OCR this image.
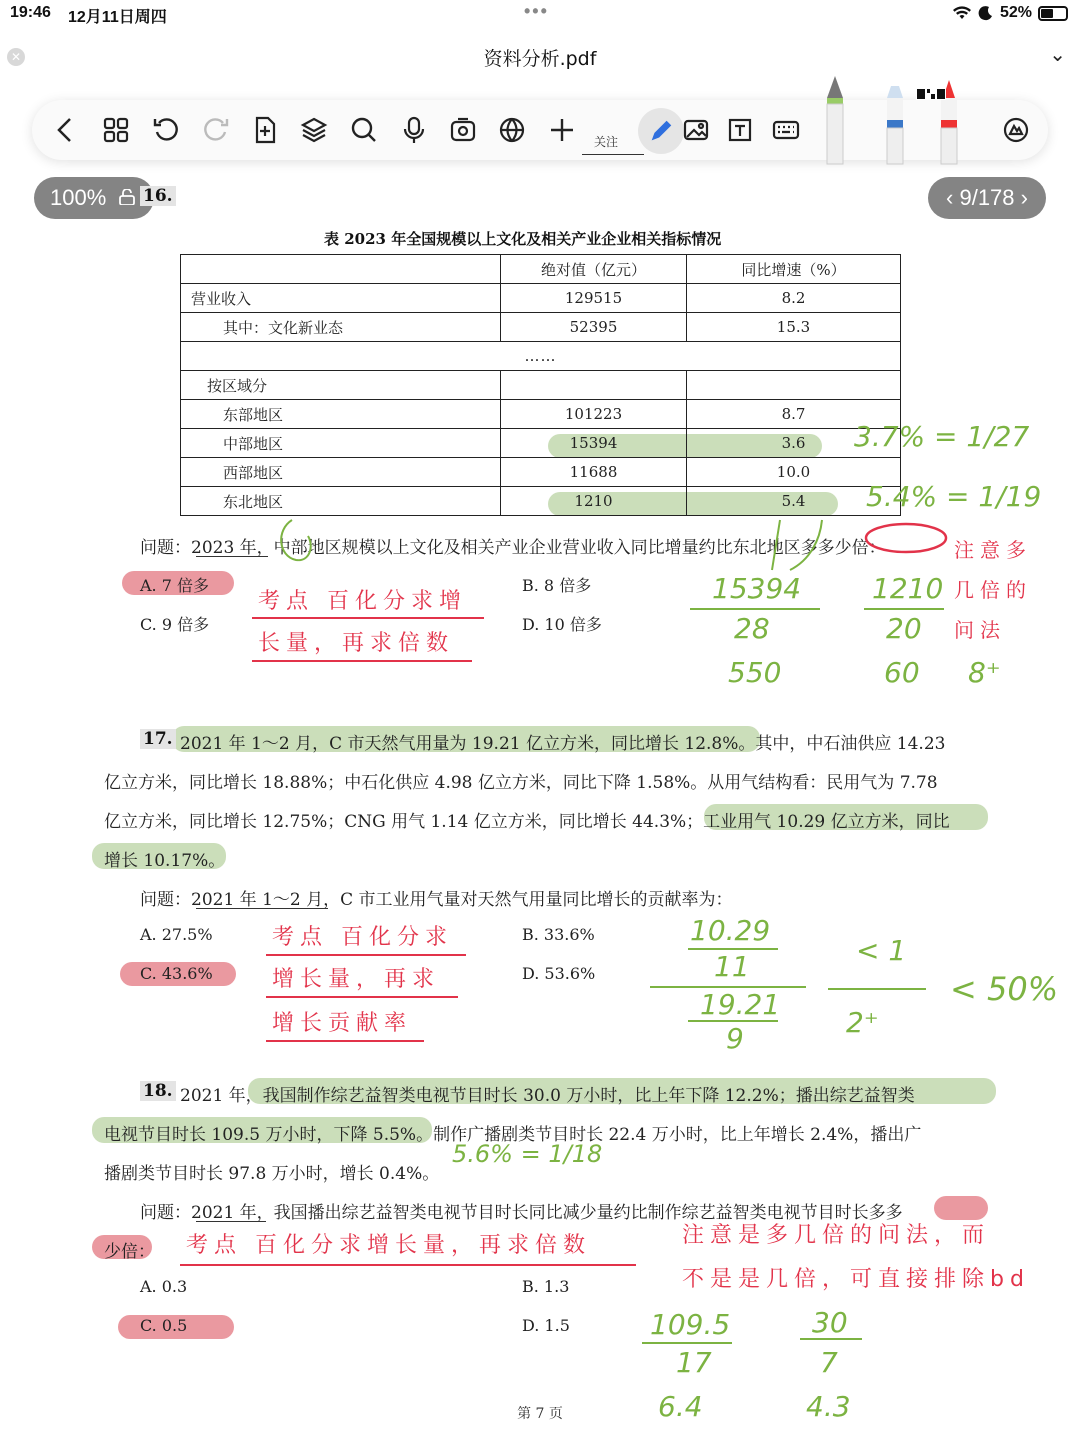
19:46 12月11日周四	•••	52%
✕	资料分析.pdf	⌄
关注
100%	‹ 9/178 ›
16.
表 2023 年全国规模以上文化及相关产业企业相关指标情况
	绝对值（亿元）	同比增速（%）
营业收入	129515	8.2
其中：文化新业态	52395	15.3
……		
按区域分		
东部地区	101223	8.7
中部地区	15394	3.6
西部地区	11688	10.0
东北地区	1210	5.4
问题：2023 年，中部地区规模以上文化及相关产业企业营业收入同比增量约比东北地区多多少倍：
A. 7 倍多	B. 8 倍多
C. 9 倍多	D. 10 倍多
考点 百化分求增
长量，再求倍数
注意多
几倍的
问法
3.7% = 1/27
5.4% = 1/19
15394
28
550
1210
20
60 8⁺
17. 2021 年 1～2 月，C 市天然气用量为 19.21 亿立方米，同比增长 12.8%。其中，中石油供应 14.23
亿立方米，同比增长 18.88%；中石化供应 4.98 亿立方米，同比下降 1.58%。从用气结构看：民用气为 7.78
亿立方米，同比增长 12.75%；CNG 用气 1.14 亿立方米，同比增长 44.3%；工业用气 10.29 亿立方米，同比
增长 10.17%。
问题：2021 年 1～2 月，C 市工业用气量对天然气用量同比增长的贡献率为：
A. 27.5%	B. 33.6%
C. 43.6%	D. 53.6%
考点 百化分求
增长量，再求
增长贡献率
10.29
11
19.21
9
< 1
2⁺
< 50%
18. 2021 年，我国制作综艺益智类电视节目时长 30.0 万小时，比上年下降 12.2%；播出综艺益智类
电视节目时长 109.5 万小时，下降 5.5%。制作广播剧类节目时长 22.4 万小时，比上年增长 2.4%，播出广
播剧类节目时长 97.8 万小时，增长 0.4%。
5.6% = 1/18
问题：2021 年，我国播出综艺益智类电视节目时长同比减少量约比制作综艺益智类电视节目时长多多
少倍： 考点 百化分求增长量，再求倍数	注意是多几倍的问法，而
不是是几倍，可直接排除bd
A. 0.3	B. 1.3
C. 0.5	D. 1.5	109.5
17
6.4
30
7
4.3
第 7 页
